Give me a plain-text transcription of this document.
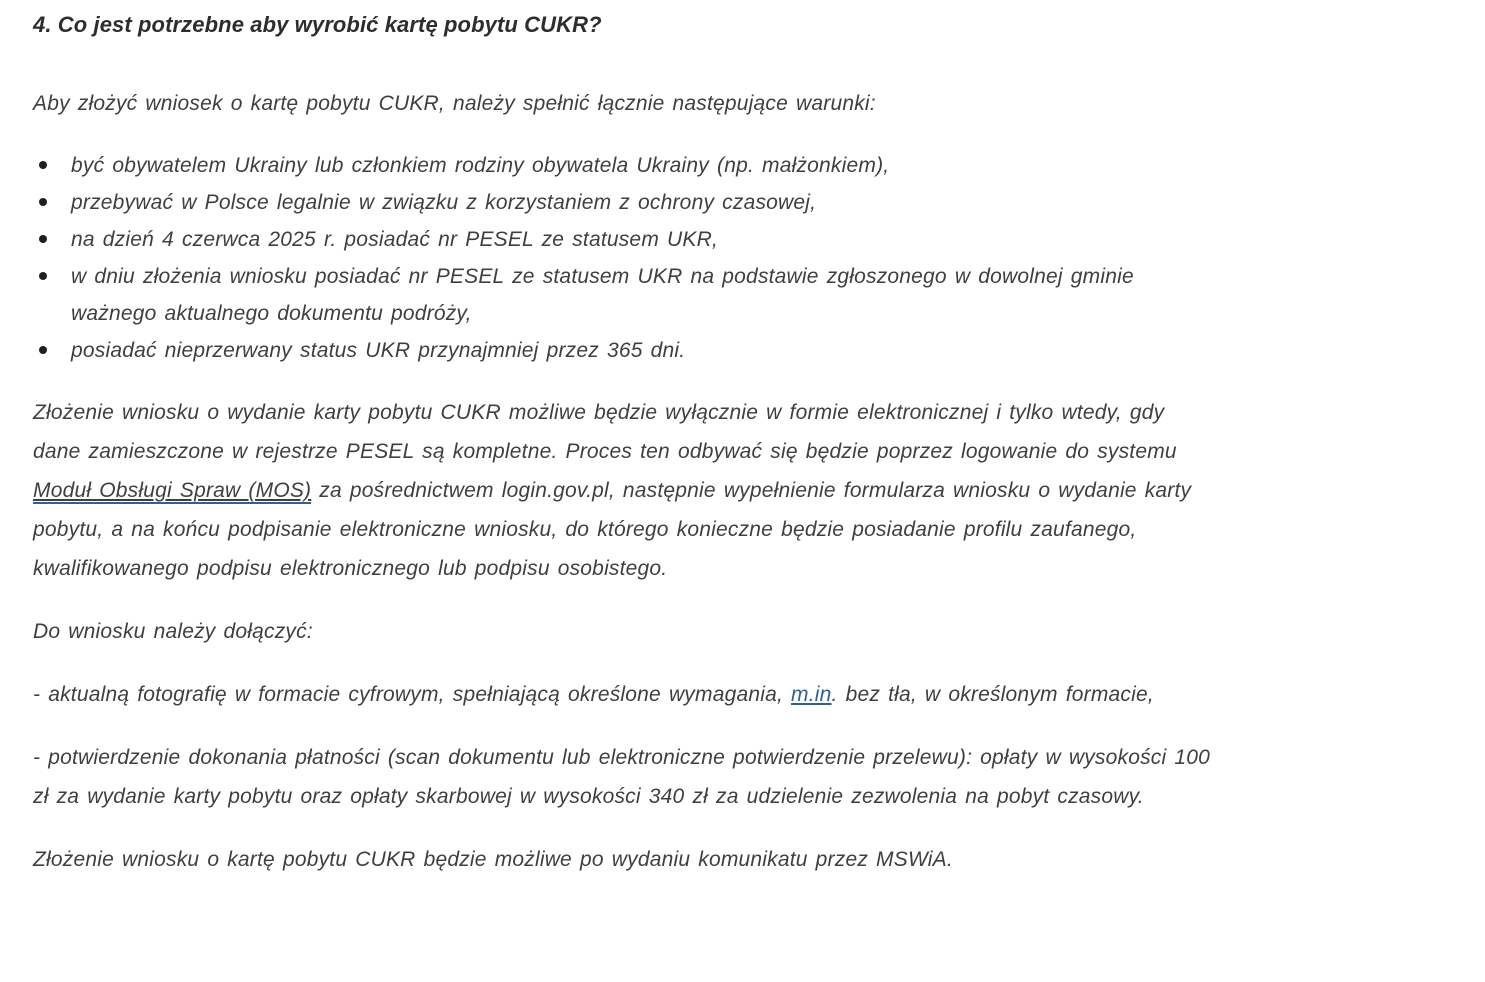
4. Co jest potrzebne aby wyrobić kartę pobytu CUKR?

Aby złożyć wniosek o kartę pobytu CUKR, należy spełnić łącznie następujące warunki:

być obywatelem Ukrainy lub członkiem rodziny obywatela Ukrainy (np. małżonkiem),
przebywać w Polsce legalnie w związku z korzystaniem z ochrony czasowej,
na dzień 4 czerwca 2025 r. posiadać nr PESEL ze statusem UKR,
w dniu złożenia wniosku posiadać nr PESEL ze statusem UKR na podstawie zgłoszonego w dowolnej gminie ważnego aktualnego dokumentu podróży,
posiadać nieprzerwany status UKR przynajmniej przez 365 dni.

Złożenie wniosku o wydanie karty pobytu CUKR możliwe będzie wyłącznie w formie elektronicznej i tylko wtedy, gdy dane zamieszczone w rejestrze PESEL są kompletne. Proces ten odbywać się będzie poprzez logowanie do systemu Moduł Obsługi Spraw (MOS) za pośrednictwem login.gov.pl, następnie wypełnienie formularza wniosku o wydanie karty pobytu, a na końcu podpisanie elektroniczne wniosku, do którego konieczne będzie posiadanie profilu zaufanego, kwalifikowanego podpisu elektronicznego lub podpisu osobistego.

Do wniosku należy dołączyć:

- aktualną fotografię w formacie cyfrowym, spełniającą określone wymagania, m.in. bez tła, w określonym formacie,

- potwierdzenie dokonania płatności (scan dokumentu lub elektroniczne potwierdzenie przelewu): opłaty w wysokości 100 zł za wydanie karty pobytu oraz opłaty skarbowej w wysokości 340 zł za udzielenie zezwolenia na pobyt czasowy.

Złożenie wniosku o kartę pobytu CUKR będzie możliwe po wydaniu komunikatu przez MSWiA.
